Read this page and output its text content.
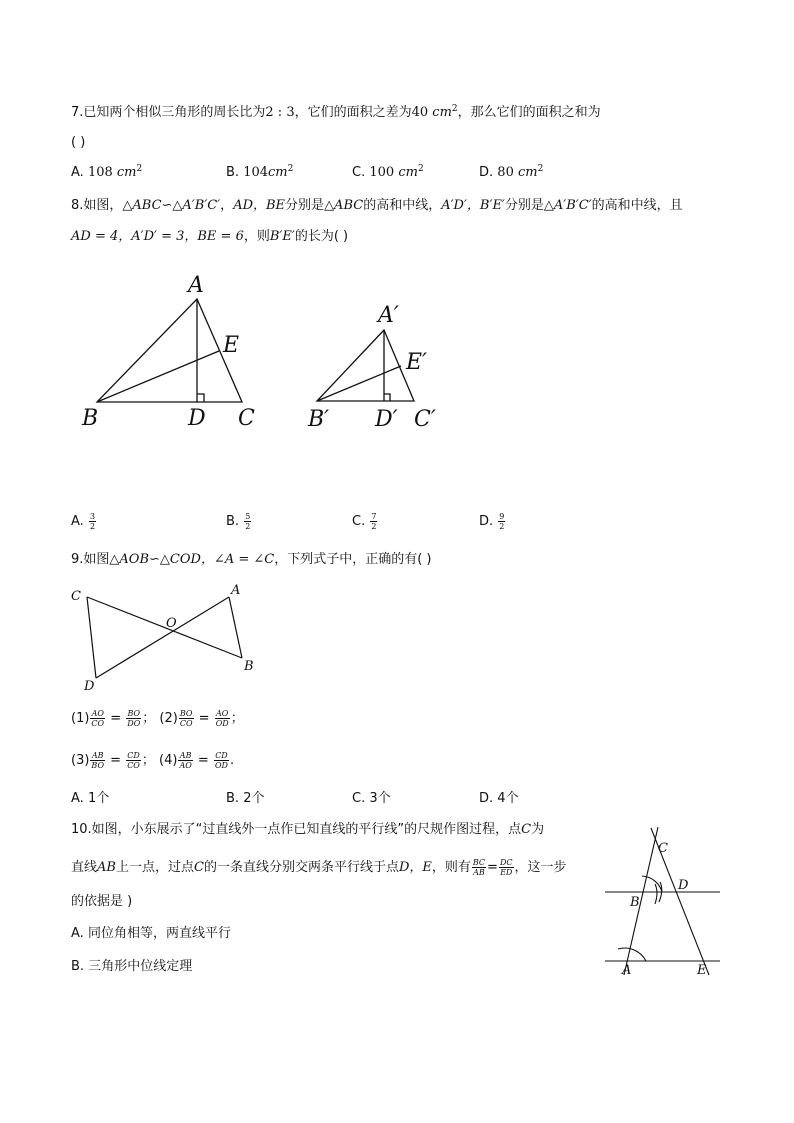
7.已知两个相似三角形的周长比为2 : 3，它们的面积之差为40 $cm^2$，那么它们的面积之和为
( )
A. 108 $cm^2$	B. $104cm^2$	C. 100 $cm^2$	D. 80 $cm^2$
8.如图，△ABC∽△A′B′C′，AD，BE分别是△ABC的高和中线，A′D′，B′E′分别是△A′B′C′的高和中线，且
AD = 4，A′D′ = 3，BE = 6，则B′E′的长为( )
A
E
B	D C
A′
E′
B′ D′ C′
A. $\frac{3}{2}$	B. $\frac{5}{2}$	C. $\frac{7}{2}$	D. $\frac{9}{2}$
9.如图△AOB∽△COD，∠A = ∠C，下列式子中，正确的有( )
C	A
O
D
B
$(1) \frac{AO}{CO} = \frac{BO}{DO}$ ； $(2) \frac{BO}{CO} = \frac{AO}{OD}$ ；
$(3) \frac{AB}{BO} = \frac{CD}{CO}$ ； $(4) \frac{AB}{AO} = \frac{CD}{OD}$ .
A. 1个	B. 2个	C. 3个	D. 4个
10.如图，小东展示了“过直线外一点作已知直线的平行线”的尺规作图过程，点C为
直线AB上一点，过点C的一条直线分别交两条平行线于点D，E，则有 $\frac{BC}{AB} = \frac{DC}{ED}$ ，这一步
的依据是 )
A. 同位角相等，两直线平行
B. 三角形中位线定理
C
D
B
A	E
